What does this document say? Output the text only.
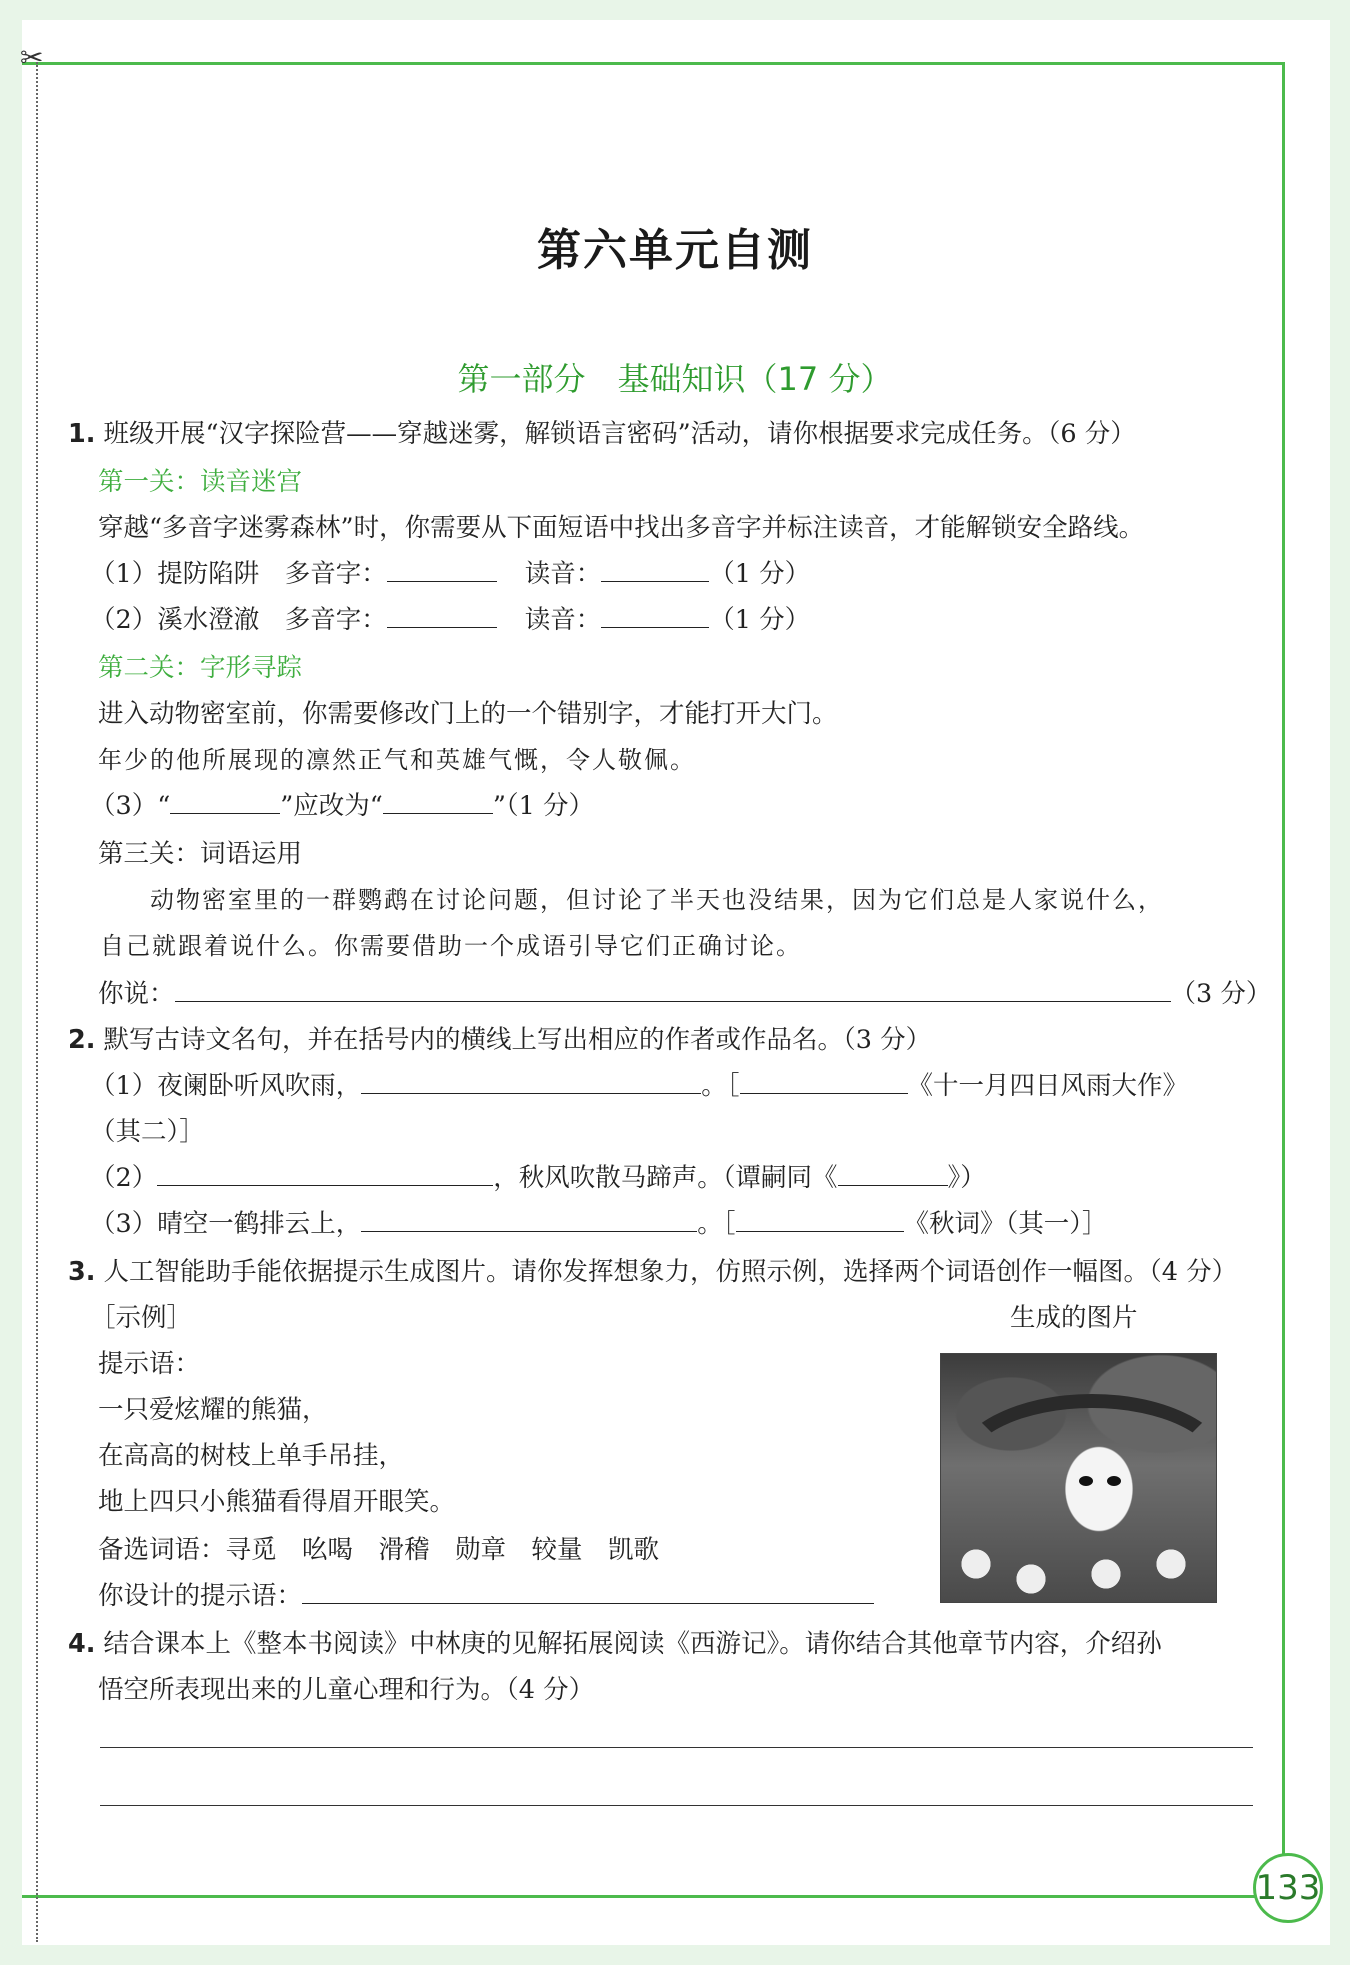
✂
133
第六单元自测
第一部分　基础知识（17 分）
1. 班级开展“汉字探险营——穿越迷雾，解锁语言密码”活动，请你根据要求完成任务。（6 分）
第一关：读音迷宫
穿越“多音字迷雾森林”时，你需要从下面短语中找出多音字并标注读音，才能解锁安全路线。
（1）提防陷阱　多音字：	读音：	（1 分）
（2）溪水澄澈　多音字：	读音：	（1 分）
第二关：字形寻踪
进入动物密室前，你需要修改门上的一个错别字，才能打开大门。
年少的他所展现的凛然正气和英雄气慨，令人敬佩。
（3）“	”应改为“	”（1 分）
第三关：词语运用
动物密室里的一群鹦鹉在讨论问题，但讨论了半天也没结果，因为它们总是人家说什么，
自己就跟着说什么。你需要借助一个成语引导它们正确讨论。
你说：	（3 分）
2. 默写古诗文名句，并在括号内的横线上写出相应的作者或作品名。（3 分）
（1）夜阑卧听风吹雨，	。［	《十一月四日风雨大作》
（其二）］
（2）	，秋风吹散马蹄声。（谭嗣同《	》）
（3）晴空一鹤排云上，	。［	《秋词》（其一）］
3. 人工智能助手能依据提示生成图片。请你发挥想象力，仿照示例，选择两个词语创作一幅图。（4 分）
［示例］	生成的图片
提示语：
一只爱炫耀的熊猫，
在高高的树枝上单手吊挂，
地上四只小熊猫看得眉开眼笑。
备选词语：寻觅　吆喝　滑稽　勋章　较量　凯歌
你设计的提示语：
4. 结合课本上《整本书阅读》中林庚的见解拓展阅读《西游记》。请你结合其他章节内容，介绍孙
悟空所表现出来的儿童心理和行为。（4 分）
